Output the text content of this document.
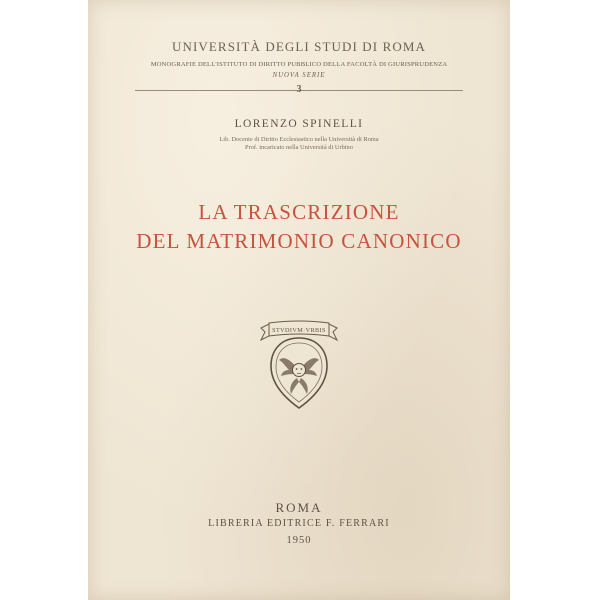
UNIVERSITÀ DEGLI STUDI DI ROMA
MONOGRAFIE DELL'ISTITUTO DI DIRITTO PUBBLICO DELLA FACOLTÀ DI GIURISPRUDENZA
NUOVA SERIE
3
LORENZO SPINELLI
Lib. Docente di Diritto Ecclesiastico nella Università di Roma
Prof. incaricato nella Università di Urbino
LA TRASCRIZIONE
DEL MATRIMONIO CANONICO
STVDIVM·VRBIS
ROMA
LIBRERIA EDITRICE F. FERRARI
1950
